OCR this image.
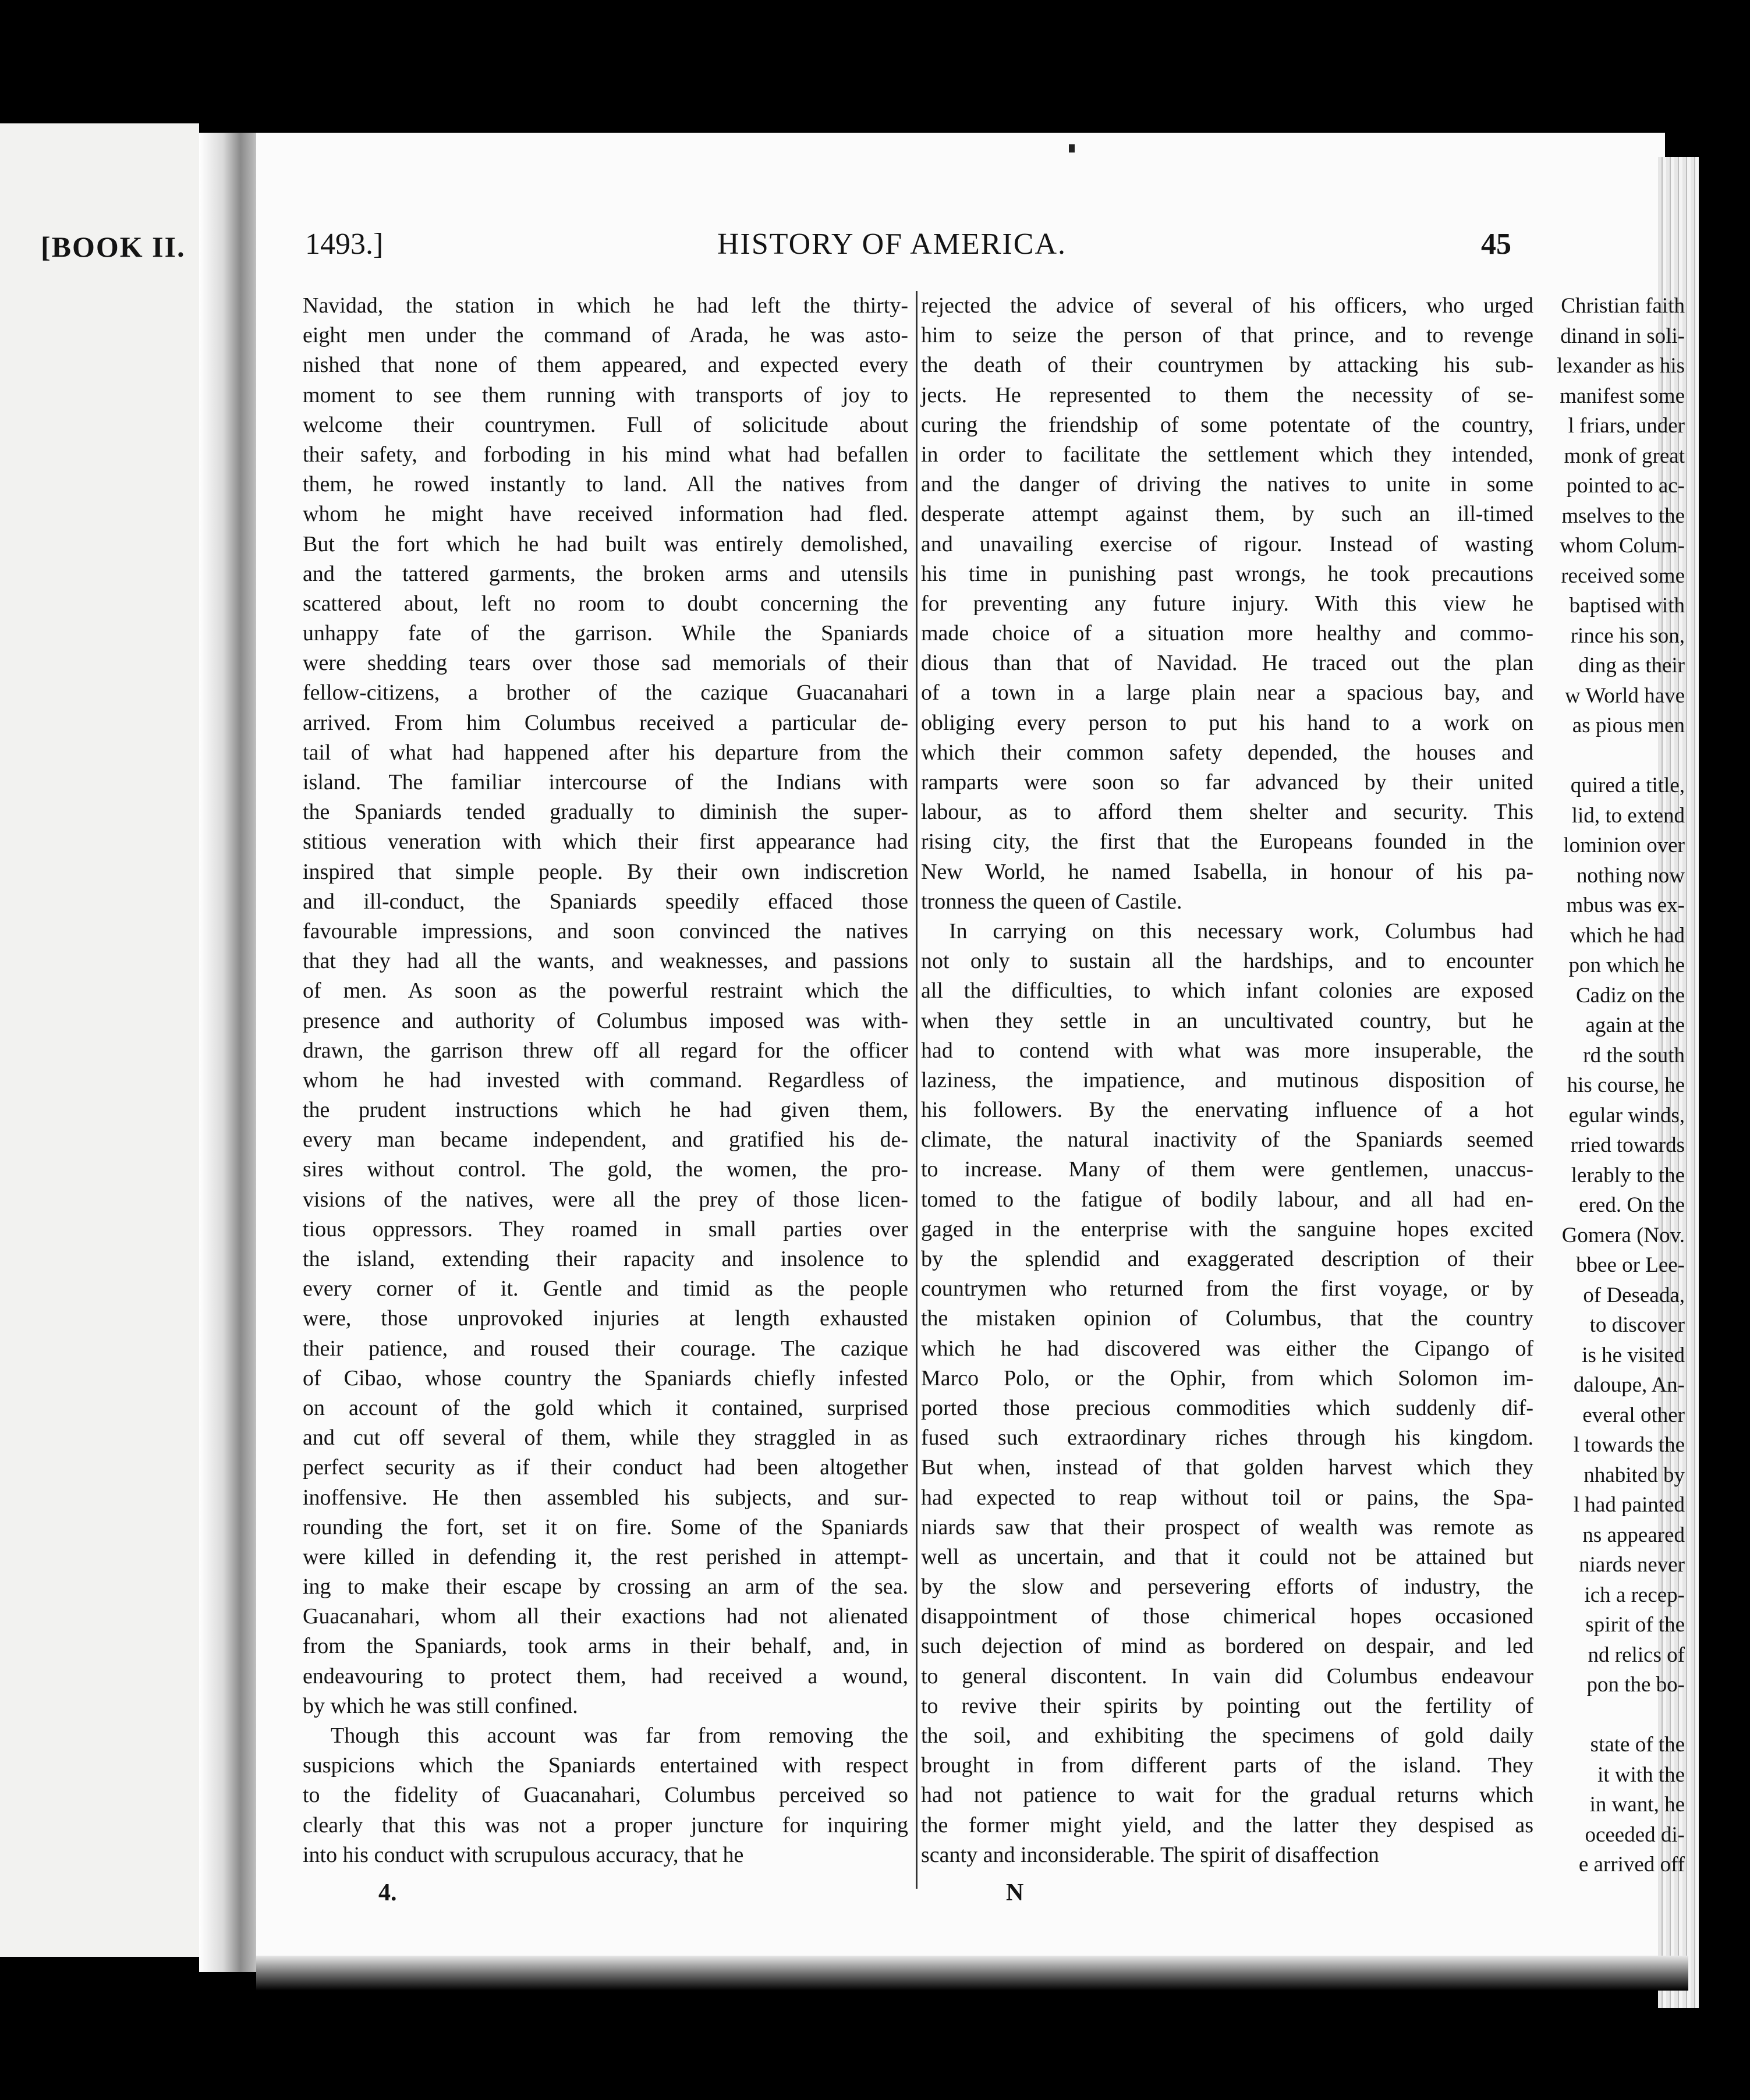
[BOOK II.
Christian faith
dinand in soli-
lexander as his
manifest some
l friars, under
monk of great
pointed to ac-
mselves to the
whom Colum-
received some
baptised with
rince his son,
ding as their
w World have
as pious men
quired a title,
lid, to extend
lominion over
nothing now
mbus was ex-
which he had
pon which he
Cadiz on the
again at the
rd the south
his course, he
egular winds,
rried towards
lerably to the
ered. On the
Gomera (Nov.
bbee or Lee-
of Deseada,
to discover
is he visited
daloupe, An-
everal other
l towards the
nhabited by
l had painted
ns appeared
niards never
ich a recep-
spirit of the
nd relics of
pon the bo-
state of the
it with the
in want, he
oceeded di-
e arrived off
1493.]	HISTORY OF AMERICA.	45
Navidad, the station in which he had left the thirty-
eight men under the command of Arada, he was asto-
nished that none of them appeared, and expected every
moment to see them running with transports of joy to
welcome their countrymen. Full of solicitude about
their safety, and forboding in his mind what had befallen
them, he rowed instantly to land. All the natives from
whom he might have received information had fled.
But the fort which he had built was entirely demolished,
and the tattered garments, the broken arms and utensils
scattered about, left no room to doubt concerning the
unhappy fate of the garrison. While the Spaniards
were shedding tears over those sad memorials of their
fellow-citizens, a brother of the cazique Guacanahari
arrived. From him Columbus received a particular de-
tail of what had happened after his departure from the
island. The familiar intercourse of the Indians with
the Spaniards tended gradually to diminish the super-
stitious veneration with which their first appearance had
inspired that simple people. By their own indiscretion
and ill-conduct, the Spaniards speedily effaced those
favourable impressions, and soon convinced the natives
that they had all the wants, and weaknesses, and passions
of men. As soon as the powerful restraint which the
presence and authority of Columbus imposed was with-
drawn, the garrison threw off all regard for the officer
whom he had invested with command. Regardless of
the prudent instructions which he had given them,
every man became independent, and gratified his de-
sires without control. The gold, the women, the pro-
visions of the natives, were all the prey of those licen-
tious oppressors. They roamed in small parties over
the island, extending their rapacity and insolence to
every corner of it. Gentle and timid as the people
were, those unprovoked injuries at length exhausted
their patience, and roused their courage. The cazique
of Cibao, whose country the Spaniards chiefly infested
on account of the gold which it contained, surprised
and cut off several of them, while they straggled in as
perfect security as if their conduct had been altogether
inoffensive. He then assembled his subjects, and sur-
rounding the fort, set it on fire. Some of the Spaniards
were killed in defending it, the rest perished in attempt-
ing to make their escape by crossing an arm of the sea.
Guacanahari, whom all their exactions had not alienated
from the Spaniards, took arms in their behalf, and, in
endeavouring to protect them, had received a wound,
by which he was still confined.
Though this account was far from removing the
suspicions which the Spaniards entertained with respect
to the fidelity of Guacanahari, Columbus perceived so
clearly that this was not a proper juncture for inquiring
into his conduct with scrupulous accuracy, that he
rejected the advice of several of his officers, who urged
him to seize the person of that prince, and to revenge
the death of their countrymen by attacking his sub-
jects. He represented to them the necessity of se-
curing the friendship of some potentate of the country,
in order to facilitate the settlement which they intended,
and the danger of driving the natives to unite in some
desperate attempt against them, by such an ill-timed
and unavailing exercise of rigour. Instead of wasting
his time in punishing past wrongs, he took precautions
for preventing any future injury. With this view he
made choice of a situation more healthy and commo-
dious than that of Navidad. He traced out the plan
of a town in a large plain near a spacious bay, and
obliging every person to put his hand to a work on
which their common safety depended, the houses and
ramparts were soon so far advanced by their united
labour, as to afford them shelter and security. This
rising city, the first that the Europeans founded in the
New World, he named Isabella, in honour of his pa-
tronness the queen of Castile.
In carrying on this necessary work, Columbus had
not only to sustain all the hardships, and to encounter
all the difficulties, to which infant colonies are exposed
when they settle in an uncultivated country, but he
had to contend with what was more insuperable, the
laziness, the impatience, and mutinous disposition of
his followers. By the enervating influence of a hot
climate, the natural inactivity of the Spaniards seemed
to increase. Many of them were gentlemen, unaccus-
tomed to the fatigue of bodily labour, and all had en-
gaged in the enterprise with the sanguine hopes excited
by the splendid and exaggerated description of their
countrymen who returned from the first voyage, or by
the mistaken opinion of Columbus, that the country
which he had discovered was either the Cipango of
Marco Polo, or the Ophir, from which Solomon im-
ported those precious commodities which suddenly dif-
fused such extraordinary riches through his kingdom.
But when, instead of that golden harvest which they
had expected to reap without toil or pains, the Spa-
niards saw that their prospect of wealth was remote as
well as uncertain, and that it could not be attained but
by the slow and persevering efforts of industry, the
disappointment of those chimerical hopes occasioned
such dejection of mind as bordered on despair, and led
to general discontent. In vain did Columbus endeavour
to revive their spirits by pointing out the fertility of
the soil, and exhibiting the specimens of gold daily
brought in from different parts of the island. They
had not patience to wait for the gradual returns which
the former might yield, and the latter they despised as
scanty and inconsiderable. The spirit of disaffection
4.	N
